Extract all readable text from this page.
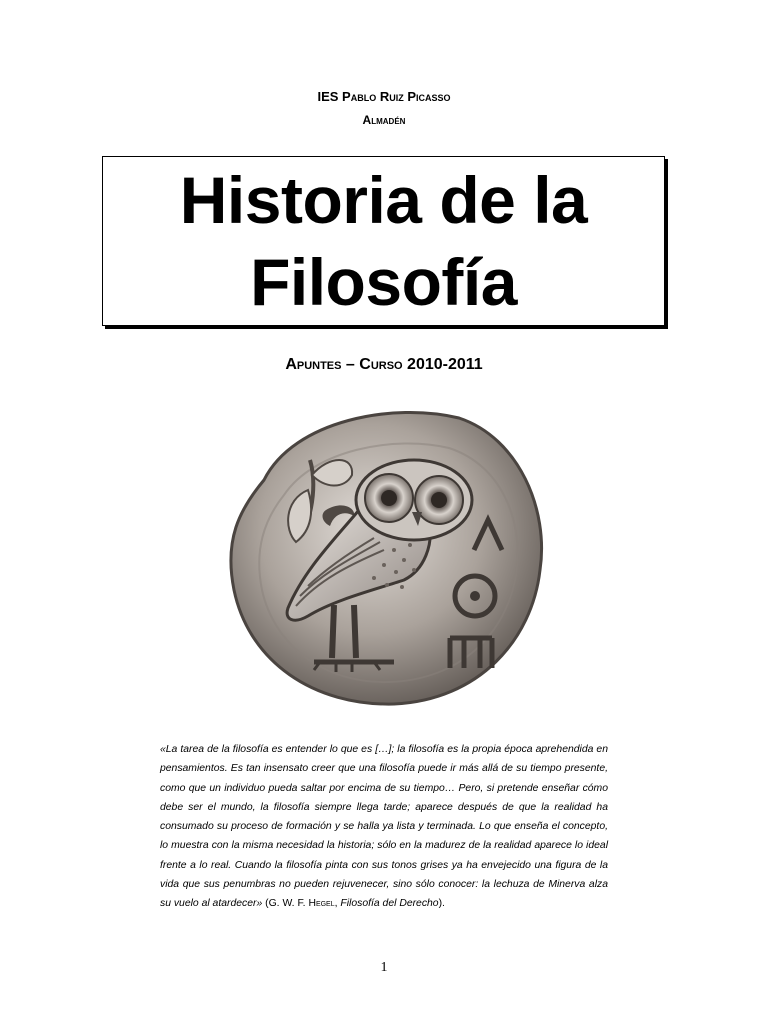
IES Pablo Ruiz Picasso
Almadén
Historia de la
Filosofía
Apuntes – Curso 2010-2011
«La tarea de la filosofía es entender lo que es […]; la filosofía es la propia época aprehendida en pensamientos. Es tan insensato creer que una filosofía puede ir más allá de su tiempo presente, como que un individuo pueda saltar por encima de su tiempo… Pero, si pretende enseñar cómo debe ser el mundo, la filosofía siempre llega tarde; aparece después de que la realidad ha consumado su proceso de formación y se halla ya lista y terminada. Lo que enseña el concepto, lo muestra con la misma necesidad la historia; sólo en la madurez de la realidad aparece lo ideal frente a lo real. Cuando la filosofía pinta con sus tonos grises ya ha envejecido una figura de la vida que sus penumbras no pueden rejuvenecer, sino sólo conocer: la lechuza de Minerva alza su vuelo al atardecer» (G. W. F. Hegel, Filosofía del Derecho).
1
